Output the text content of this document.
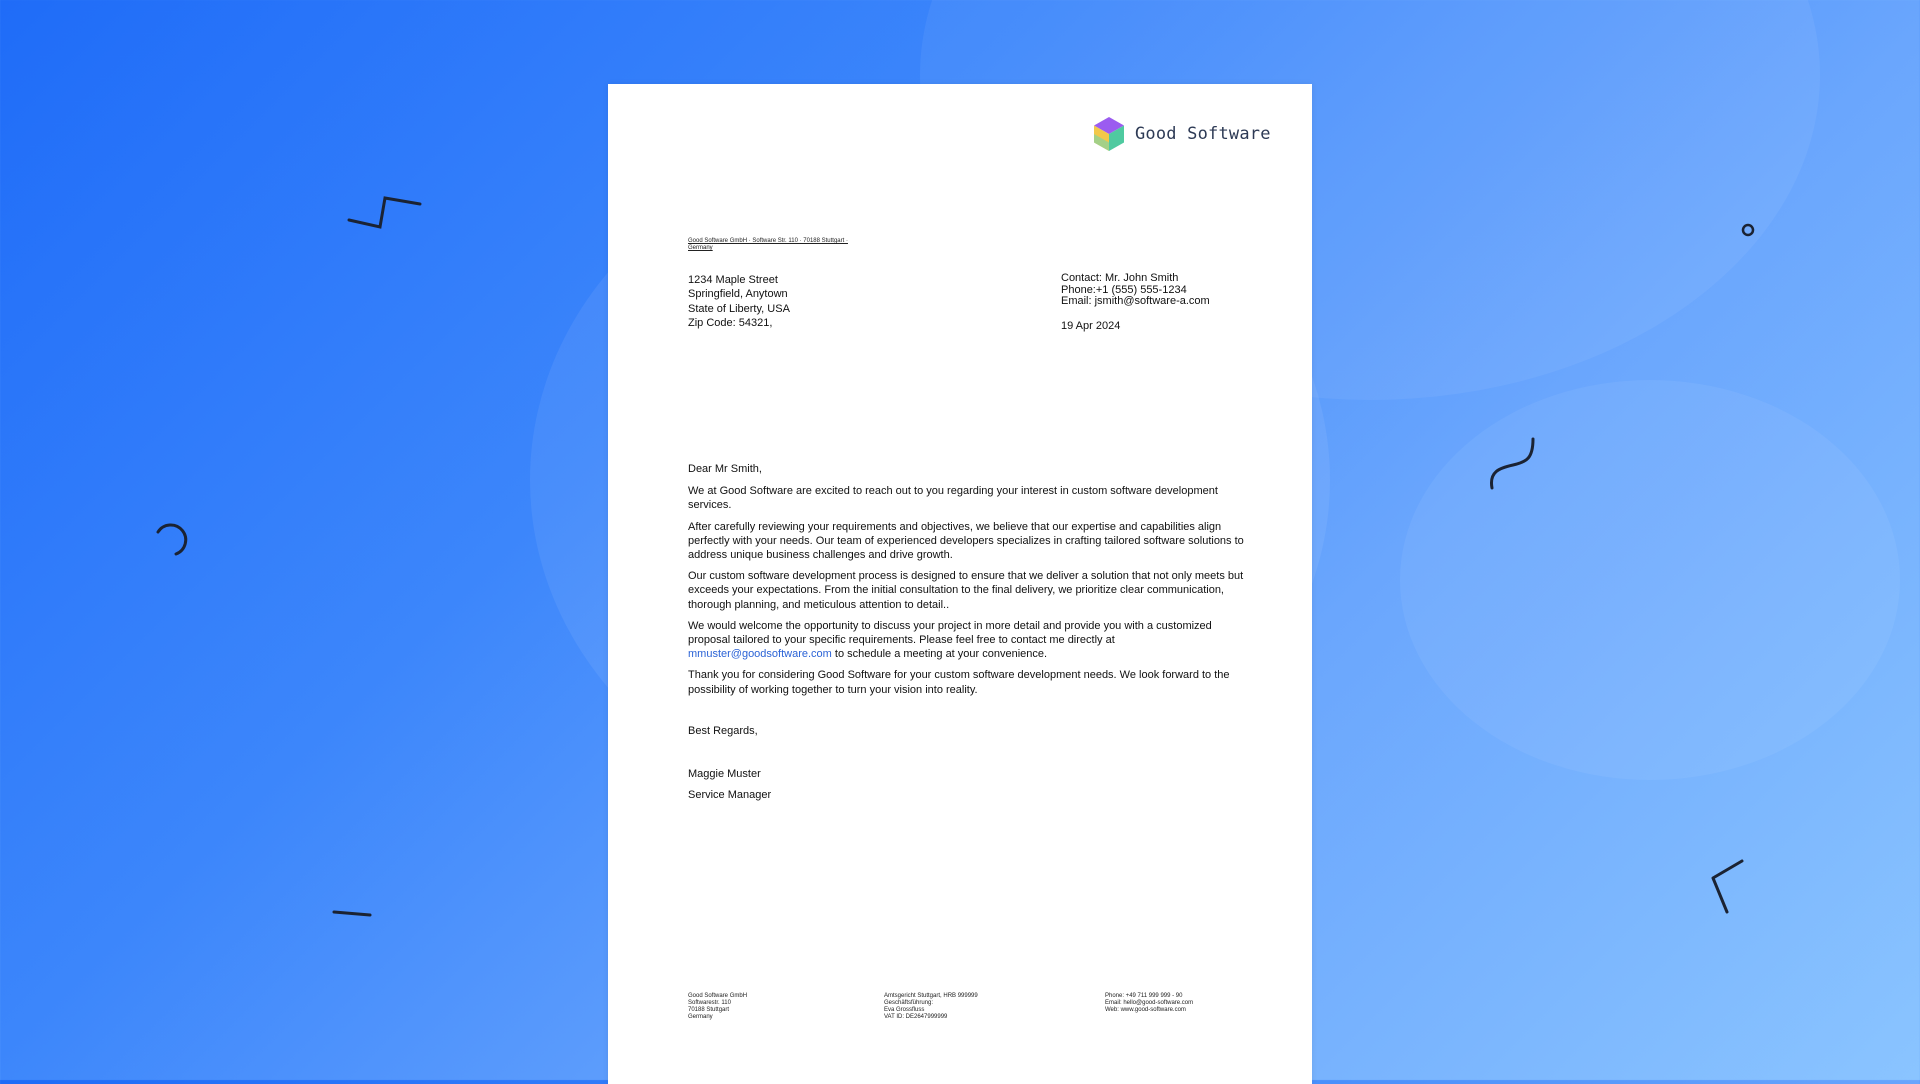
Good Software
Good Software GmbH · Software Str. 110 · 70188 Stuttgart · Germany
1234 Maple Street
Springfield, Anytown
State of Liberty, USA
Zip Code: 54321,
Contact: Mr. John Smith
Phone:+1 (555) 555-1234
Email: jsmith@software-a.com
19 Apr 2024

Dear Mr Smith,

We at Good Software are excited to reach out to you regarding your interest in custom software development services.

After carefully reviewing your requirements and objectives, we believe that our expertise and capabilities align perfectly with your needs. Our team of experienced developers specializes in crafting tailored software solutions to address unique business challenges and drive growth.

Our custom software development process is designed to ensure that we deliver a solution that not only meets but exceeds your expectations. From the initial consultation to the final delivery, we prioritize clear communication, thorough planning, and meticulous attention to detail..

We would welcome the opportunity to discuss your project in more detail and provide you with a customized proposal tailored to your specific requirements. Please feel free to contact me directly at mmuster@goodsoftware.com to schedule a meeting at your convenience.

Thank you for considering Good Software for your custom software development needs. We look forward to the possibility of working together to turn your vision into reality.

Best Regards,
Maggie Muster
Service Manager
Good Software GmbH
Softwarestr. 110
70188 Stuttgart
Germany
Amtsgericht Stuttgart, HRB 999999
Geschäftsführung:
Eva Grossfluss
VAT ID: DE2647999999
Phone: +49 711 999 999 - 90
Email: hello@good-software.com
Web: www.good-software.com
